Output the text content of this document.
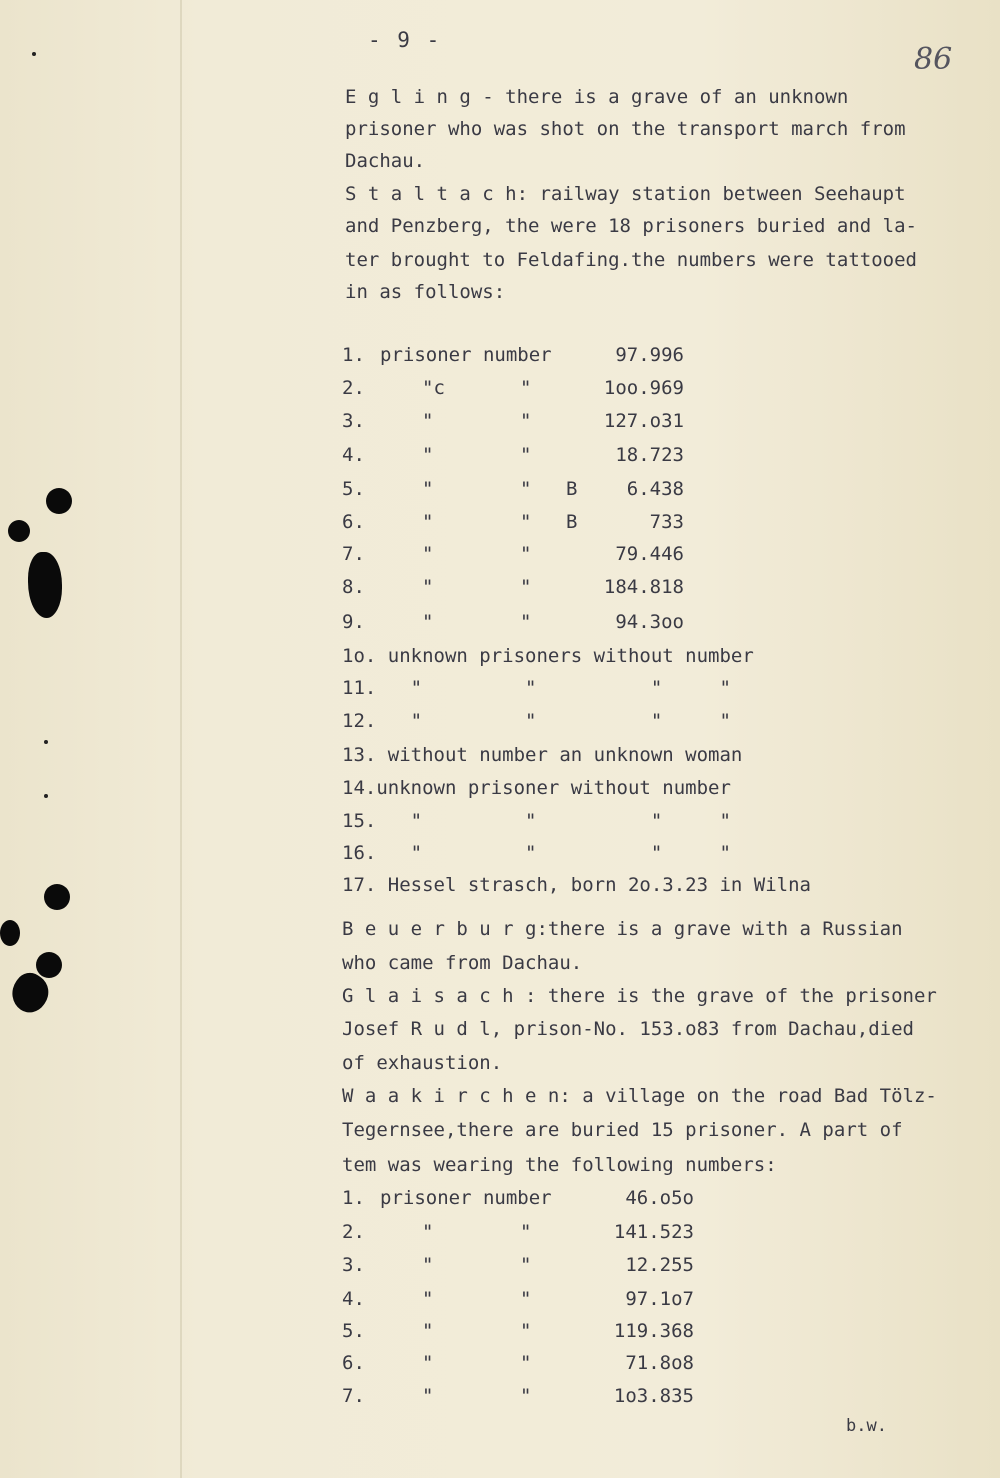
- 9 -
86
E g l i n g - there is a grave of an unknown
prisoner who was shot on the transport march from
Dachau.
S t a l t a c h: railway station between Seehaupt
and Penzberg, the were 18 prisoners buried and la-
ter brought to Feldafing.the numbers were tattooed
in as follows:
1. prisoner number	97.996
2.	"c	"	1oo.969
3.	"	"	127.o31
4.	"	"	18.723
5.	"	" B	6.438
6.	"	" B	733
7.	"	"	79.446
8.	"	"	184.818
9.	"	"	94.3oo
1o. unknown prisoners without number
11.   "         "          "     "
12.   "         "          "     "
13. without number an unknown woman
14.unknown prisoner without number
15.   "         "          "     "
16.   "         "          "     "
17. Hessel strasch, born 2o.3.23 in Wilna
B e u e r b u r g:there is a grave with a Russian
who came from Dachau.
G l a i s a c h : there is the grave of the prisoner
Josef R u d l, prison-No. 153.o83 from Dachau,died
of exhaustion.
W a a k i r c h e n: a village on the road Bad Tölz-
Tegernsee,there are buried 15 prisoner. A part of
tem was wearing the following numbers:
1. prisoner number	46.o5o
2.	"	"	141.523
3.	"	"	12.255
4.	"	"	97.1o7
5.	"	"	119.368
6.	"	"	71.8o8
7.	"	"	1o3.835
b.w.
